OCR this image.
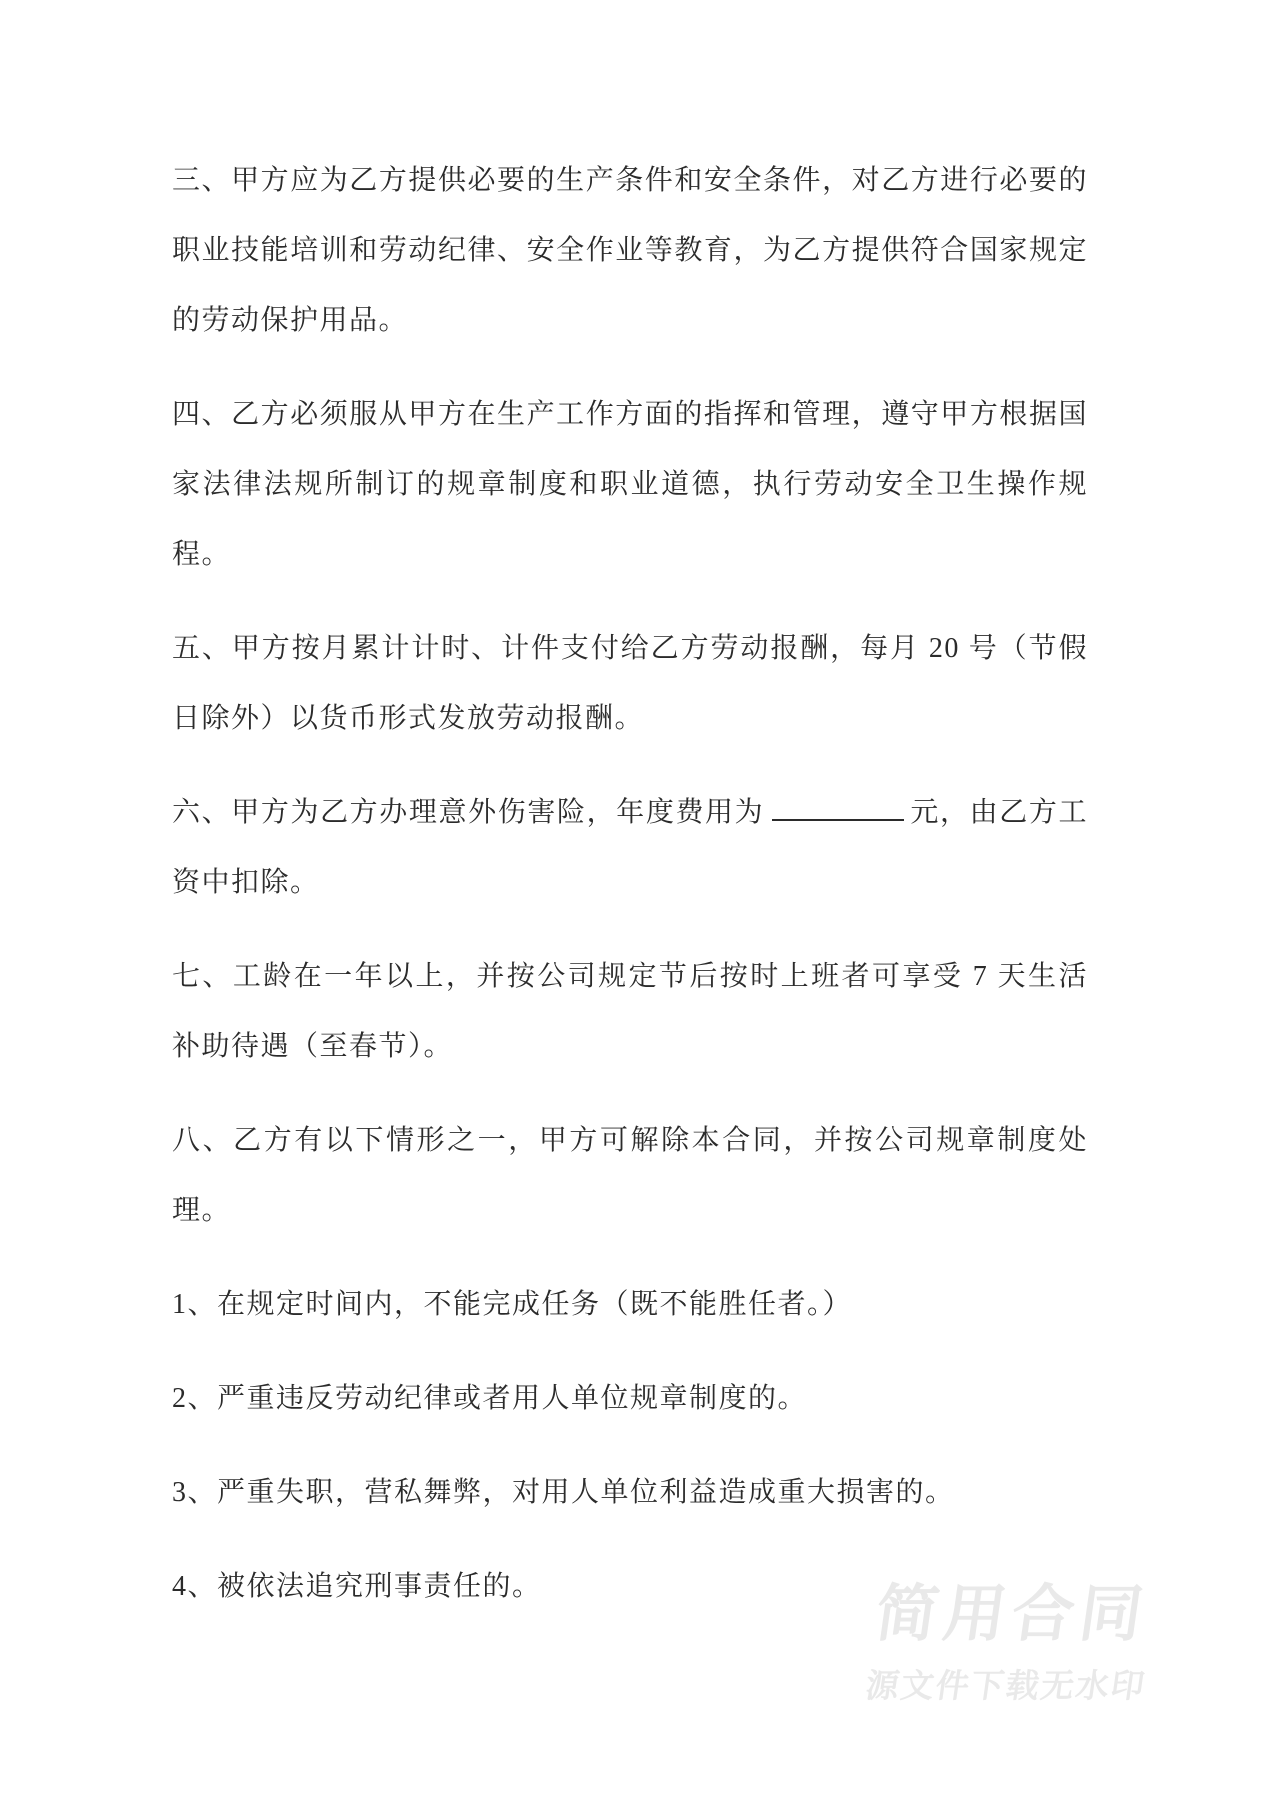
三、甲方应为乙方提供必要的生产条件和安全条件，对乙方进行必要的职业技能培训和劳动纪律、安全作业等教育，为乙方提供符合国家规定的劳动保护用品。

四、乙方必须服从甲方在生产工作方面的指挥和管理，遵守甲方根据国家法律法规所制订的规章制度和职业道德，执行劳动安全卫生操作规程。

五、甲方按月累计计时、计件支付给乙方劳动报酬，每月 20 号（节假日除外）以货币形式发放劳动报酬。

六、甲方为乙方办理意外伤害险，年度费用为	元，由乙方工资中扣除。

七、工龄在一年以上，并按公司规定节后按时上班者可享受 7 天生活补助待遇（至春节）。

八、乙方有以下情形之一，甲方可解除本合同，并按公司规章制度处理。

1、在规定时间内，不能完成任务（既不能胜任者。）

2、严重违反劳动纪律或者用人单位规章制度的。

3、严重失职，营私舞弊，对用人单位利益造成重大损害的。

4、被依法追究刑事责任的。	简用合同
源文件下载无水印
